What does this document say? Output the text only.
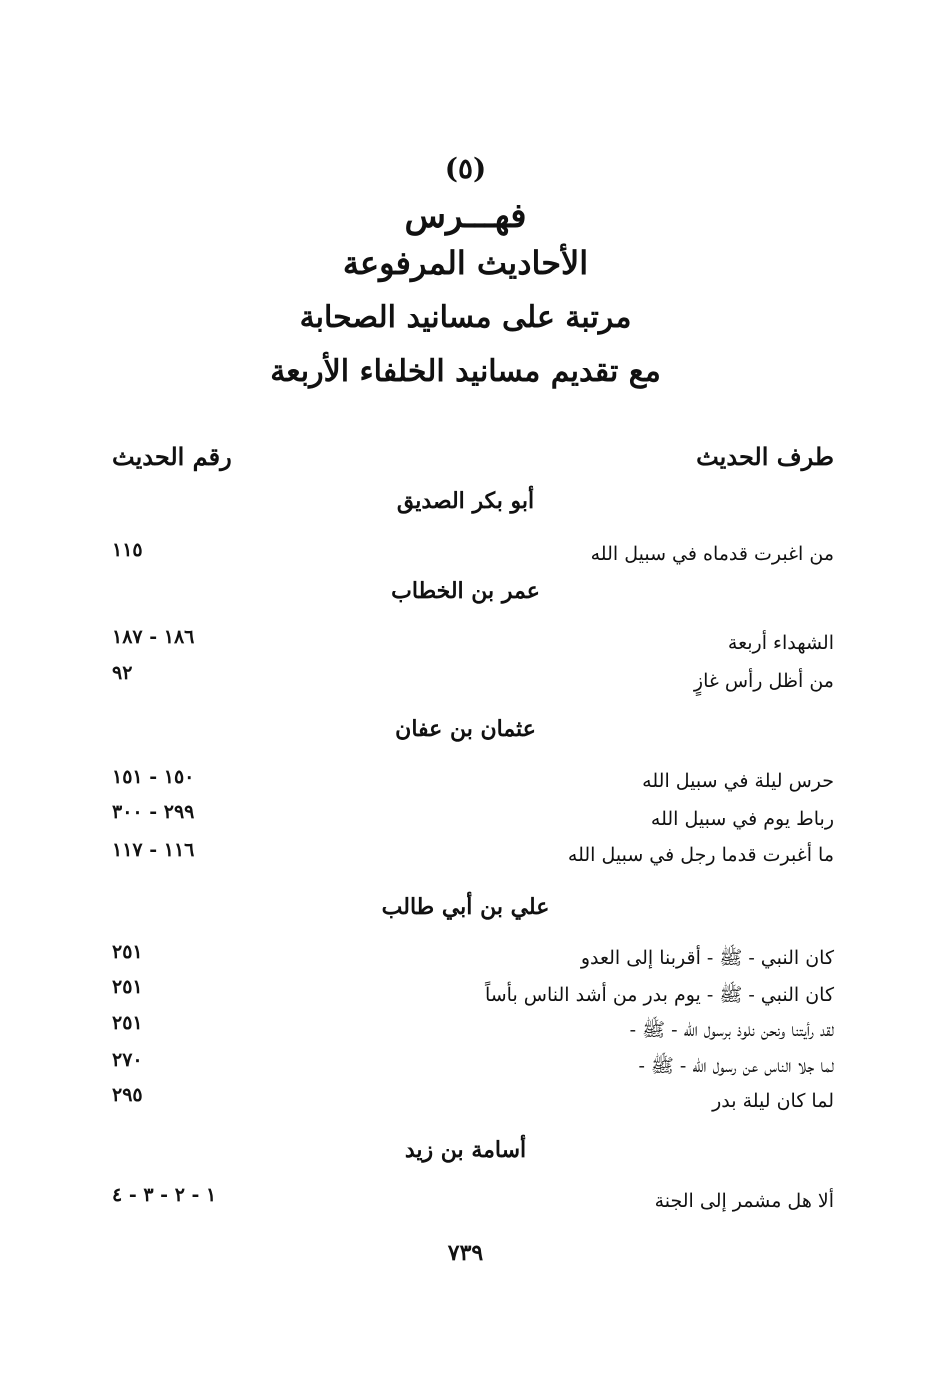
(٥)
فهـــرس
الأحاديث المرفوعة
مرتبة على مسانيد الصحابة
مع تقديم مسانيد الخلفاء الأربعة
طرف الحديث
رقم الحديث
أبو بكر الصديق
من اغبرت قدماه في سبيل الله
١١٥
عمر بن الخطاب
الشهداء أربعة
١٨٦ - ١٨٧
من أظل رأس غازٍ
٩٢
عثمان بن عفان
حرس ليلة في سبيل الله
١٥٠ - ١٥١
رباط يوم في سبيل الله
٢٩٩ - ٣٠٠
ما أغبرت قدما رجل في سبيل الله
١١٦ - ١١٧
علي بن أبي طالب
كان النبي - ﷺ - أقربنا إلى العدو
٢٥١
كان النبي - ﷺ - يوم بدر من أشد الناس بأساً
٢٥١
لقد رأيتنا ونحن نلوذ برسول الله - ﷺ -
٢٥١
لما جلا الناس عن رسول الله - ﷺ -
٢٧٠
لما كان ليلة بدر
٢٩٥
أسامة بن زيد
ألا هل مشمر إلى الجنة
١ - ٢ - ٣ - ٤
٧٣٩
